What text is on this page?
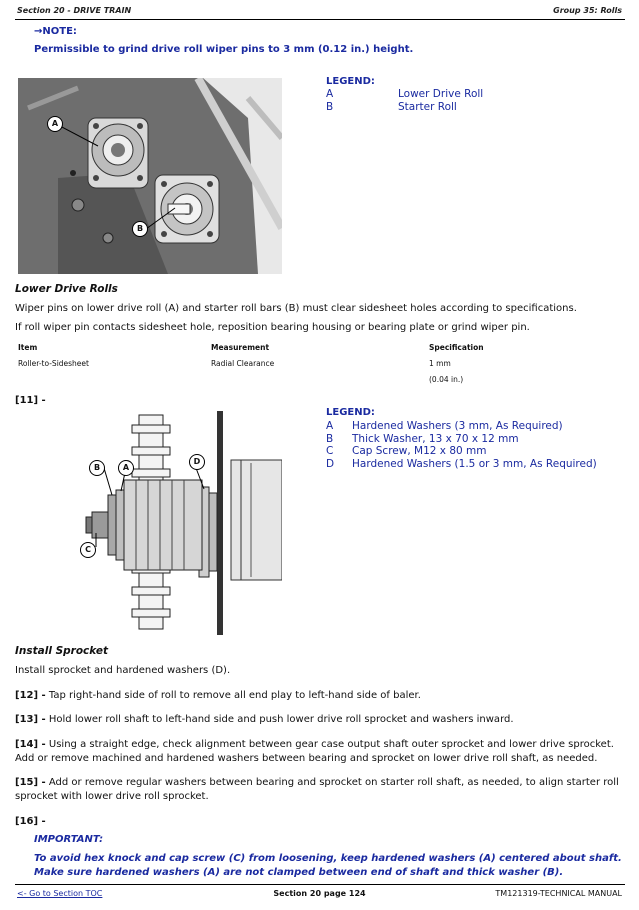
Section 20 - DRIVE TRAIN	Group 35: Rolls
→NOTE:
Permissible to grind drive roll wiper pins to 3 mm (0.12 in.) height.
A
B
LEGEND:
A	Lower Drive Roll
B	Starter Roll
Lower Drive Rolls
Wiper pins on lower drive roll (A) and starter roll bars (B) must clear sidesheet holes according to specifications.
If roll wiper pin contacts sidesheet hole, reposition bearing housing or bearing plate or grind wiper pin.
Item	Measurement	Specification
Roller-to-Sidesheet	Radial Clearance	1 mm
(0.04 in.)
[11] -
B	A
D
C
LEGEND:
A	Hardened Washers (3 mm, As Required)
B	Thick Washer, 13 x 70 x 12 mm
C	Cap Screw, M12 x 80 mm
D	Hardened Washers (1.5 or 3 mm, As Required)
Install Sprocket
Install sprocket and hardened washers (D).
[12] - Tap right-hand side of roll to remove all end play to left-hand side of baler.
[13] - Hold lower roll shaft to left-hand side and push lower drive roll sprocket and washers inward.
[14] - Using a straight edge, check alignment between gear case output shaft outer sprocket and lower drive sprocket. Add or remove machined and hardened washers between bearing and sprocket on lower drive roll shaft, as needed.
[15] - Add or remove regular washers between bearing and sprocket on starter roll shaft, as needed, to align starter roll sprocket with lower drive roll sprocket.
[16] -
IMPORTANT:
To avoid hex knock and cap screw (C) from loosening, keep hardened washers (A) centered about shaft.
Make sure hardened washers (A) are not clamped between end of shaft and thick washer (B).
<- Go to Section TOC	Section 20 page 124	TM121319-TECHNICAL MANUAL
